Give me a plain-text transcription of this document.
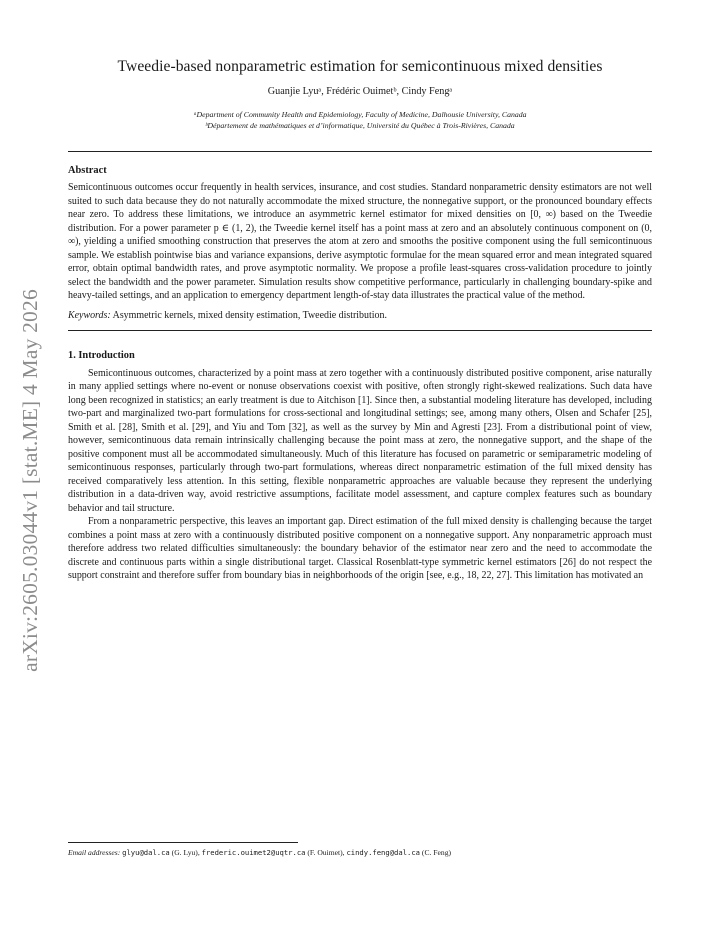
arXiv:2605.03044v1 [stat.ME] 4 May 2026
Tweedie-based nonparametric estimation for semicontinuous mixed densities
Guanjie Lyuᵃ, Frédéric Ouimetᵇ, Cindy Fengᵃ
ᵃDepartment of Community Health and Epidemiology, Faculty of Medicine, Dalhousie University, Canada
ᵇDépartement de mathématiques et d’informatique, Université du Québec à Trois-Rivières, Canada
Abstract

Semicontinuous outcomes occur frequently in health services, insurance, and cost studies. Standard nonparametric density estimators are not well suited to such data because they do not naturally accommodate the mixed structure, the nonnegative support, or the pronounced boundary effects near zero. To address these limitations, we introduce an asymmetric kernel estimator for mixed densities on [0, ∞) based on the Tweedie distribution. For a power parameter p ∈ (1, 2), the Tweedie kernel itself has a point mass at zero and an absolutely continuous component on (0, ∞), yielding a unified smoothing construction that preserves the atom at zero and smooths the positive component using the full semicontinuous sample. We establish pointwise bias and variance expansions, derive asymptotic formulae for the mean squared error and mean integrated squared error, obtain optimal bandwidth rates, and prove asymptotic normality. We propose a profile least-squares cross-validation procedure to jointly select the bandwidth and the power parameter. Simulation results show competitive performance, particularly in challenging boundary-spike and heavy-tailed settings, and an application to emergency department length-of-stay data illustrates the practical value of the method.

Keywords: Asymmetric kernels, mixed density estimation, Tweedie distribution.
1. Introduction

Semicontinuous outcomes, characterized by a point mass at zero together with a continuously distributed positive component, arise naturally in many applied settings where no-event or nonuse observations coexist with positive, often strongly right-skewed realizations. Such data have long been recognized in statistics; an early treatment is due to Aitchison [1]. Since then, a substantial modeling literature has developed, including two-part and marginalized two-part formulations for cross-sectional and longitudinal settings; see, among many others, Olsen and Schafer [25], Smith et al. [28], Smith et al. [29], and Yiu and Tom [32], as well as the survey by Min and Agresti [23]. From a distributional point of view, however, semicontinuous data remain intrinsically challenging because the point mass at zero, the nonnegative support, and the shape of the positive component must all be accommodated simultaneously. Much of this literature has focused on parametric or semiparametric modeling of semicontinuous responses, particularly through two-part formulations, whereas direct nonparametric estimation of the full mixed density has received comparatively less attention. In this setting, flexible nonparametric approaches are valuable because they represent the underlying distribution in a data-driven way, avoid restrictive assumptions, facilitate model assessment, and capture complex features such as boundary behavior and tail structure.

From a nonparametric perspective, this leaves an important gap. Direct estimation of the full mixed density is challenging because the target combines a point mass at zero with a continuously distributed positive component on a nonnegative support. Any nonparametric approach must therefore address two related difficulties simultaneously: the boundary behavior of the estimator near zero and the need to accommodate the discrete and continuous parts within a single distributional target. Classical Rosenblatt-type symmetric kernel estimators [26] do not respect the support constraint and therefore suffer from boundary bias in neighborhoods of the origin [see, e.g., 18, 22, 27]. This limitation has motivated an

Email addresses: glyu@dal.ca (G. Lyu), frederic.ouimet2@uqtr.ca (F. Ouimet), cindy.feng@dal.ca (C. Feng)
